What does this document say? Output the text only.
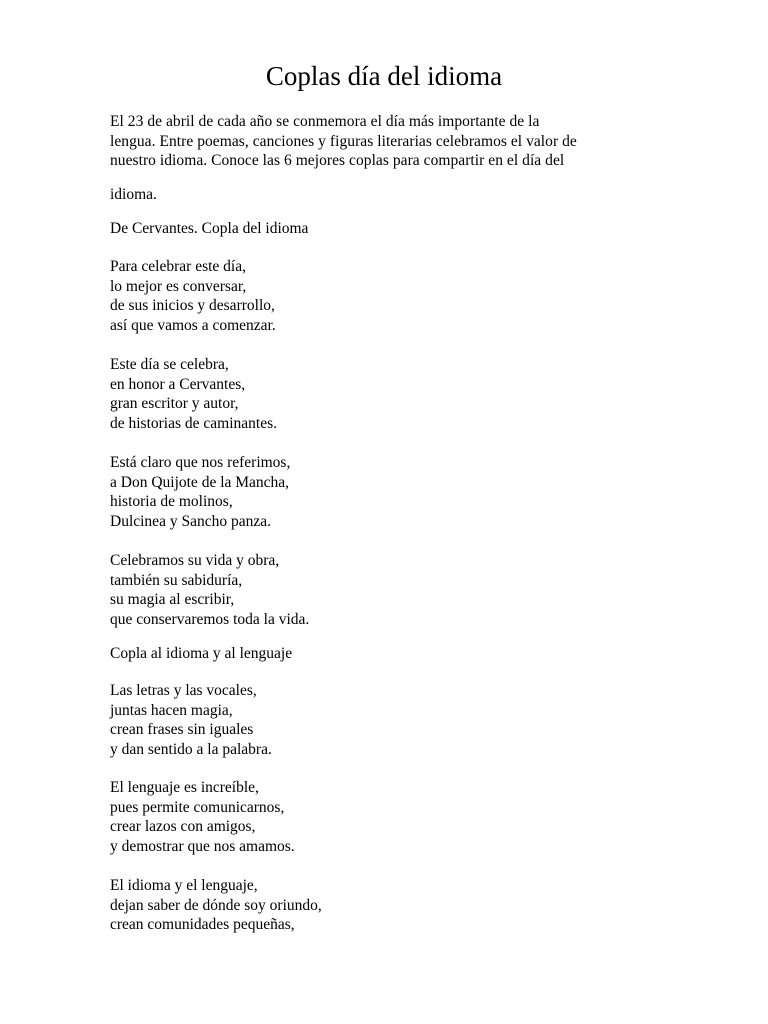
Coplas día del idioma
El 23 de abril de cada año se conmemora el día más importante de la
lengua. Entre poemas, canciones y figuras literarias celebramos el valor de
nuestro idioma. Conoce las 6 mejores coplas para compartir en el día del
idioma.
De Cervantes. Copla del idioma
Para celebrar este día,
lo mejor es conversar,
de sus inicios y desarrollo,
así que vamos a comenzar.
Este día se celebra,
en honor a Cervantes,
gran escritor y autor,
de historias de caminantes.
Está claro que nos referimos,
a Don Quijote de la Mancha,
historia de molinos,
Dulcinea y Sancho panza.
Celebramos su vida y obra,
también su sabiduría,
su magia al escribir,
que conservaremos toda la vida.
Copla al idioma y al lenguaje
Las letras y las vocales,
juntas hacen magia,
crean frases sin iguales
y dan sentido a la palabra.
El lenguaje es increíble,
pues permite comunicarnos,
crear lazos con amigos,
y demostrar que nos amamos.
El idioma y el lenguaje,
dejan saber de dónde soy oriundo,
crean comunidades pequeñas,
